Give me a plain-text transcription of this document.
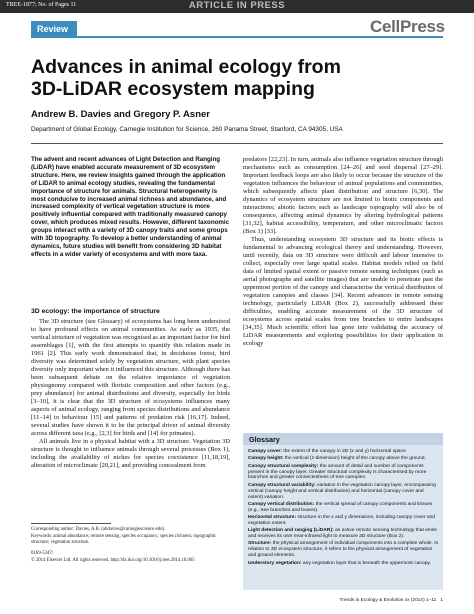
TREE-1877; No. of Pages 11	ARTICLE IN PRESS
Review	CellPress
Advances in animal ecology from
3D-LiDAR ecosystem mapping
Andrew B. Davies and Gregory P. Asner
Department of Global Ecology, Carnegie Institution for Science, 260 Panama Street, Stanford, CA 94305, USA
The advent and recent advances of Light Detection and Ranging (LiDAR) have enabled accurate measurement of 3D ecosystem structure. Here, we review insights gained through the application of LiDAR to animal ecology studies, revealing the fundamental importance of structure for animals. Structural heterogeneity is most conducive to increased animal richness and abundance, and increased complexity of vertical vegetation structure is more positively influential compared with traditionally measured canopy cover, which produces mixed results. However, different taxonomic groups interact with a variety of 3D canopy traits and some groups with 3D topography. To develop a better understanding of animal dynamics, future studies will benefit from considering 3D habitat effects in a wider variety of ecosystems and with more taxa.
3D ecology: the importance of structure

The 3D structure (see Glossary) of ecosystems has long been understood to have profound effects on animal communities. As early as 1935, the vertical structure of vegetation was recognised as an important factor for bird assemblages [1], with the first attempts to quantify this relation made in 1961 [2]. This early work demonstrated that, in deciduous forest, bird diversity was determined solely by vegetation structure, with plant species diversity only important when it influenced this structure. Although there has been subsequent debate on the relative importance of vegetation physiognomy compared with floristic composition and other factors (e.g., prey abundance) for animal distributions and diversity, especially for birds [3–10], it is clear that the 3D structure of ecosystems influences many aspects of animal ecology, ranging from species distributions and abundance [11–14] to behaviour [15] and patterns of predation risk [16,17]. Indeed, several studies have shown it to be the principal driver of animal diversity across different taxa (e.g., [2,3] for birds and [14] for primates).

All animals live in a physical habitat with a 3D structure. Vegetation 3D structure is thought to influence animals through several processes (Box 1), including the availability of niches for species coexistence [11,18,19], alteration of microclimate [20,21], and providing concealment from

Corresponding author: Davies, A.B. (abdavies@carnegiescience.edu).
Keywords: animal abundance; remote sensing; species occupancy; species richness; topographic structure; vegetation structure.
0169-5347/
© 2014 Elsevier Ltd. All rights reserved. http://dx.doi.org/10.1016/j.tree.2014.10.005

predators [22,23]. In turn, animals also influence vegetation structure through mechanisms such as consumption [24–26] and seed dispersal [27–29]. Important feedback loops are also likely to occur because the structure of the vegetation influences the behaviour of animal populations and communities, which subsequently affects plant distribution and structure [6,30]. The dynamics of ecosystem structure are not limited to biotic components and interactions; abiotic factors such as landscape topography will also be of consequence, affecting animal dynamics by altering hydrological patterns [31,32], habitat accessibility, temperature, and other microclimatic factors (Box 1) [33].

Thus, understanding ecosystem 3D structure and its biotic effects is fundamental to advancing ecological theory and understanding. However, until recently, data on 3D structure were difficult and labour intensive to collect, especially over large spatial scales. Habitat models relied on field data of limited spatial extent or passive remote sensing techniques (such as aerial photographs and satellite images) that are unable to penetrate past the uppermost portion of the canopy and characterise the vertical distribution of vegetation canopies and classes [34]. Recent advances in remote sensing technology, particularly LiDAR (Box 2), successfully addressed these difficulties, enabling accurate measurement of the 3D structure of ecosystems across spatial scales from tree branches to entire landscapes [34,35]. Much scientific effort has gone into validating the accuracy of LiDAR measurements and exploring possibilities for their application in ecology

Glossary

Canopy cover: the extent of the canopy in 2D (x and y) horizontal space.

Canopy height: the vertical (z-dimension) height of the canopy above the ground.

Canopy structural complexity: the amount of detail and number of components present in the canopy layer. Greater structural complexity is characterised by more branches and greater connectedness of tree canopies.

Canopy structural variability: variation in the vegetation canopy layer, encompassing vertical (canopy height and vertical distribution) and horizontal (canopy cover and extent) variation.

Canopy vertical distribution: the vertical spread of canopy components and tissues (e.g., tree branches and leaves).

Horizontal structure: structure in the x and y dimensions, including canopy cover and vegetation extent.

Light detection and ranging (LiDAR): an active remote sensing technology that emits and receives its own near-infrared light to measure 3D structure (Box 2).

Structure: the physical arrangement of individual components into a complete whole. In relation to 3D ecosystem structure, it refers to the physical arrangement of vegetation and ground elements.

Understory vegetation: any vegetation layer that is beneath the uppermost canopy.

Trends in Ecology & Evolution xx (2014) 1–11 1
